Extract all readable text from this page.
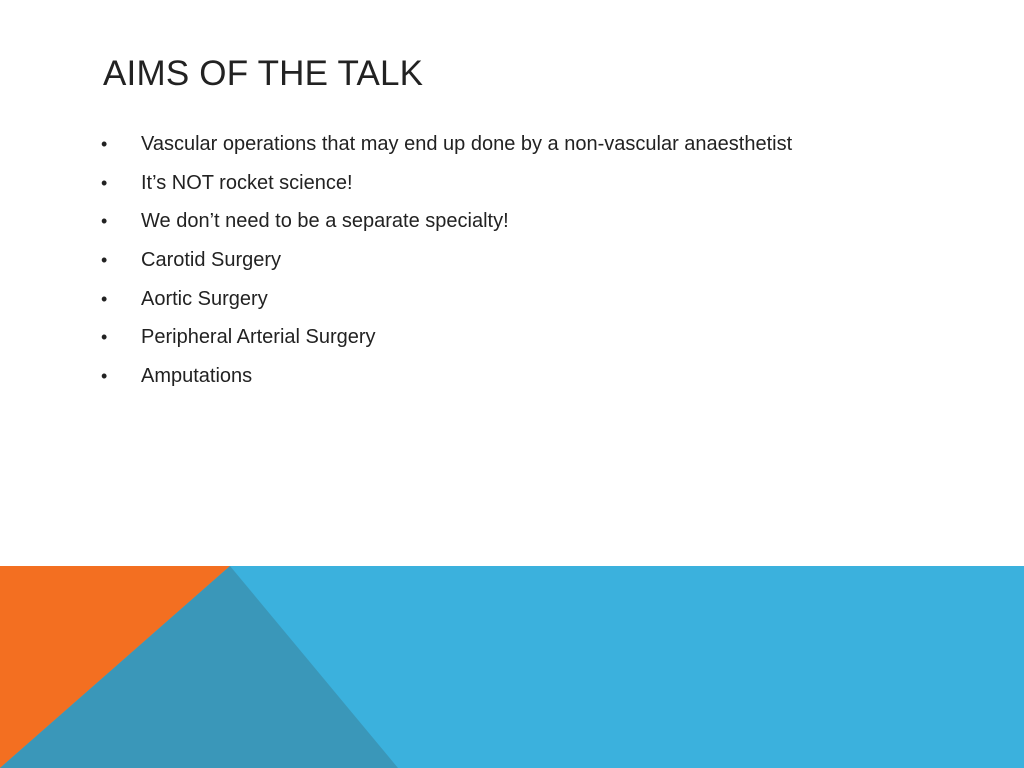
AIMS OF THE TALK
•	Vascular operations that may end up done by a non-vascular anaesthetist
•	It’s NOT rocket science!
•	We don’t need to be a separate specialty!
•	Carotid Surgery
•	Aortic Surgery
•	Peripheral Arterial Surgery
•	Amputations
